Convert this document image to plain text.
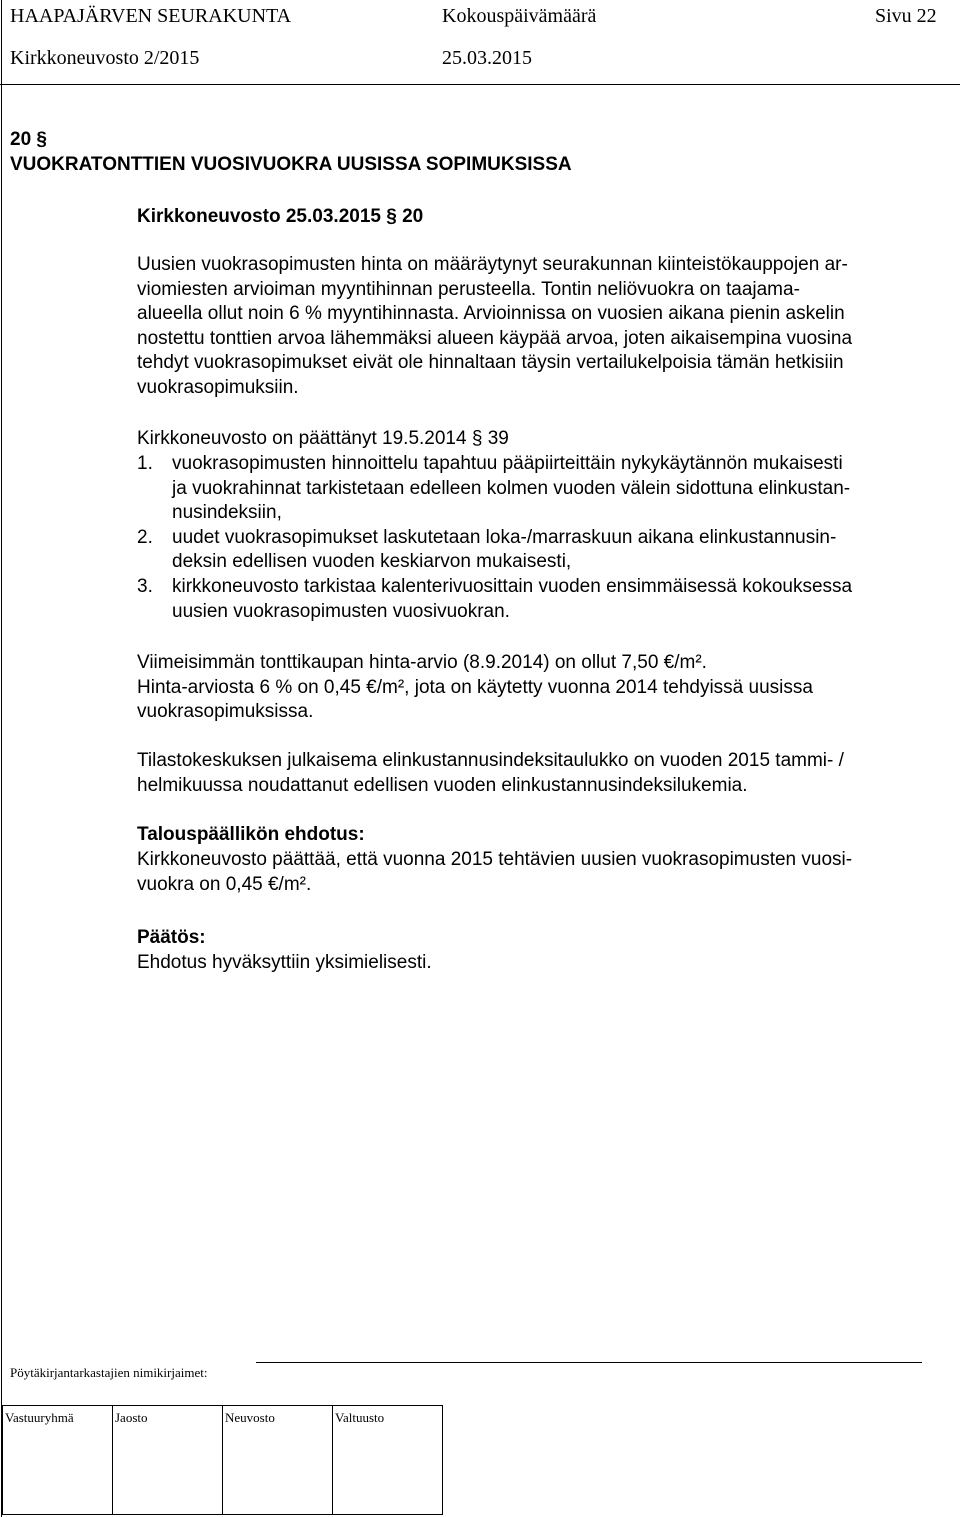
HAAPAJÄRVEN SEURAKUNTA	Kokouspäivämäärä	Sivu 22
Kirkkoneuvosto 2/2015	25.03.2015
20 §
VUOKRATONTTIEN VUOSIVUOKRA UUSISSA SOPIMUKSISSA
Kirkkoneuvosto 25.03.2015 § 20
Uusien vuokrasopimusten hinta on määräytynyt seurakunnan kiinteistökauppojen ar-
viomiesten arvioiman myyntihinnan perusteella. Tontin neliövuokra on taajama-
alueella ollut noin 6 % myyntihinnasta. Arvioinnissa on vuosien aikana pienin askelin
nostettu tonttien arvoa lähemmäksi alueen käypää arvoa, joten aikaisempina vuosina
tehdyt vuokrasopimukset eivät ole hinnaltaan täysin vertailukelpoisia tämän hetkisiin
vuokrasopimuksiin.
Kirkkoneuvosto on päättänyt 19.5.2014 § 39
1. vuokrasopimusten hinnoittelu tapahtuu pääpiirteittäin nykykäytännön mukaisesti
ja vuokrahinnat tarkistetaan edelleen kolmen vuoden välein sidottuna elinkustan-
nusindeksiin,
2. uudet vuokrasopimukset laskutetaan loka-/marraskuun aikana elinkustannusin-
deksin edellisen vuoden keskiarvon mukaisesti,
3. kirkkoneuvosto tarkistaa kalenterivuosittain vuoden ensimmäisessä kokouksessa
uusien vuokrasopimusten vuosivuokran.
Viimeisimmän tonttikaupan hinta-arvio (8.9.2014) on ollut 7,50 €/m².
Hinta-arviosta 6 % on 0,45 €/m², jota on käytetty vuonna 2014 tehdyissä uusissa
vuokrasopimuksissa.
Tilastokeskuksen julkaisema elinkustannusindeksitaulukko on vuoden 2015 tammi- /
helmikuussa noudattanut edellisen vuoden elinkustannusindeksilukemia.
Talouspäällikön ehdotus:
Kirkkoneuvosto päättää, että vuonna 2015 tehtävien uusien vuokrasopimusten vuosi-
vuokra on 0,45 €/m².
Päätös:
Ehdotus hyväksyttiin yksimielisesti.
Pöytäkirjantarkastajien nimikirjaimet:
Vastuuryhmä	Jaosto	Neuvosto	Valtuusto
